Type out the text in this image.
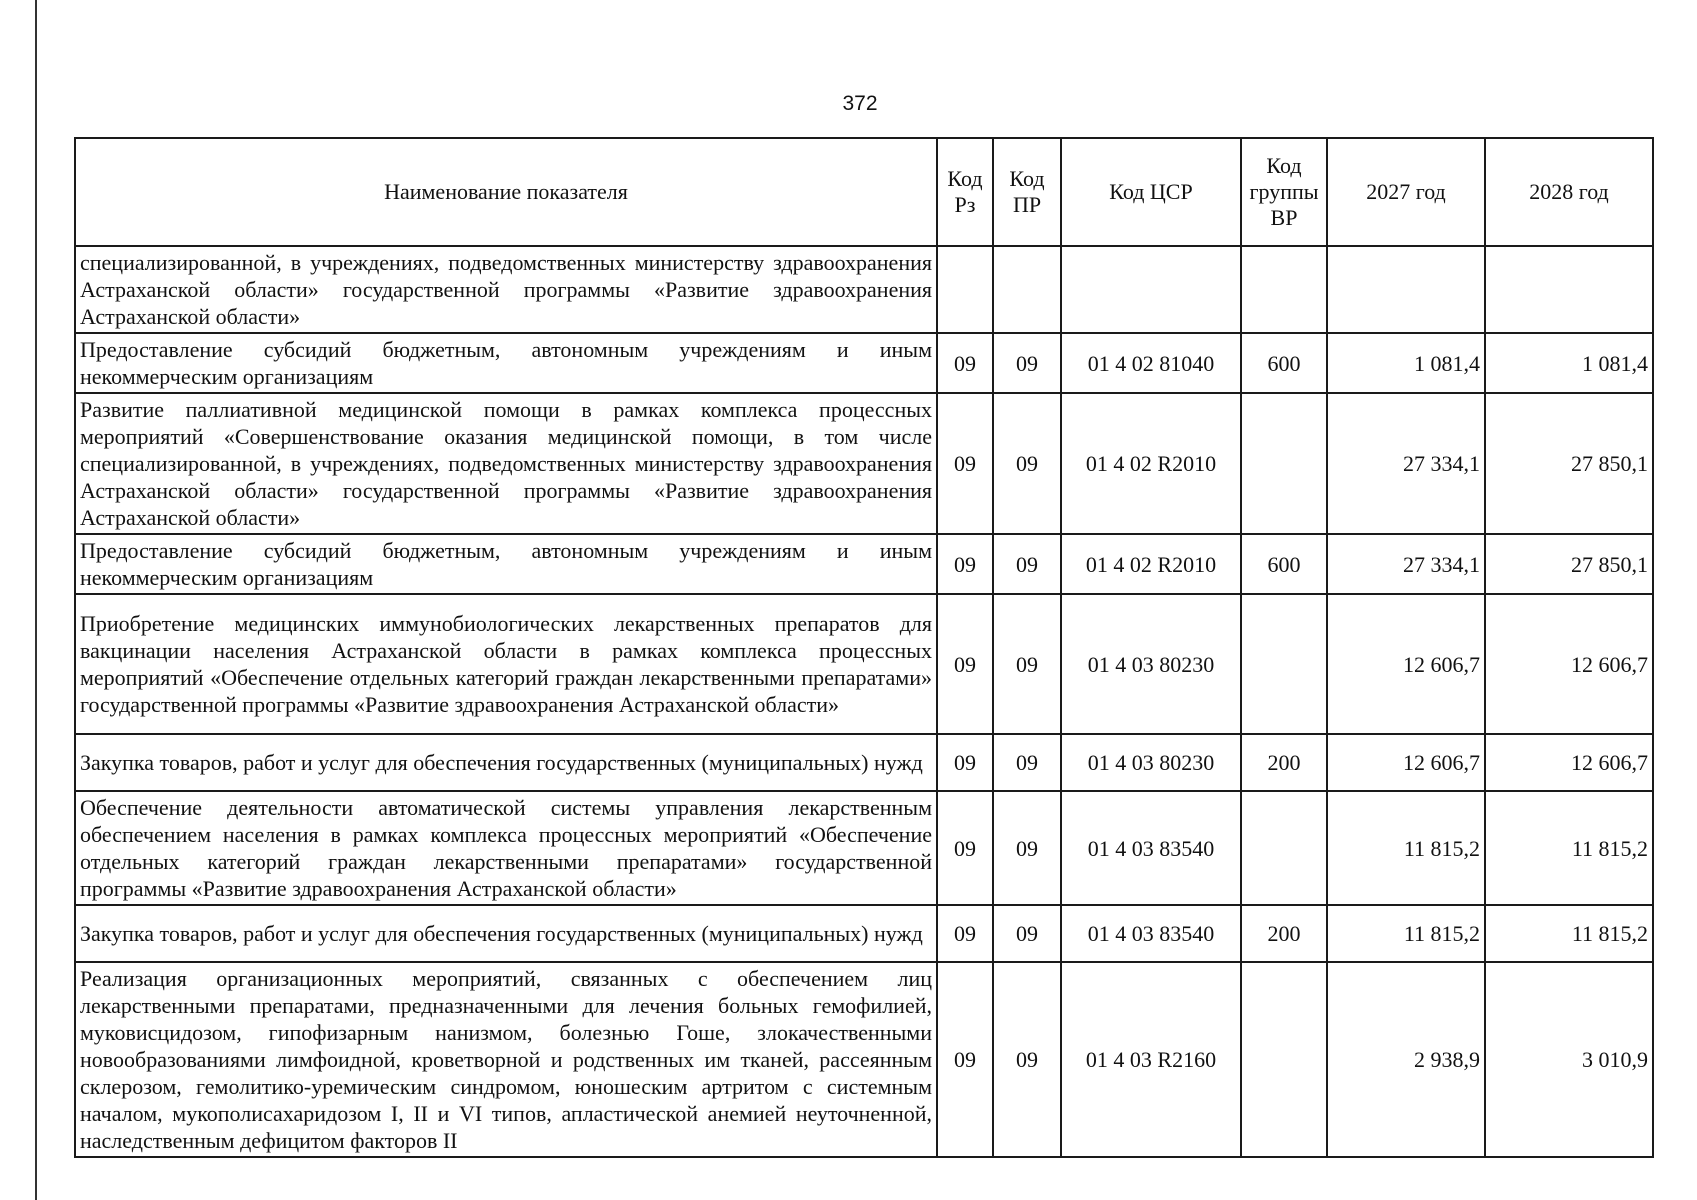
372
Наименование показателя	Код Рз	Код ПР	Код ЦСР	Код группы ВР	2027 год	2028 год
специализированной, в учреждениях, подведомственных министерству здравоохранения Астраханской области» государственной программы «Развитие здравоохранения Астраханской области»						
Предоставление субсидий бюджетным, автономным учреждениям и иным некоммерческим организациям	09	09	01 4 02 81040	600	1 081,4	1 081,4
Развитие паллиативной медицинской помощи в рамках комплекса процессных мероприятий «Совершенствование оказания медицинской помощи, в том числе специализированной, в учреждениях, подведомственных министерству здравоохранения Астраханской области» государственной программы «Развитие здравоохранения Астраханской области»	09	09	01 4 02 R2010		27 334,1	27 850,1
Предоставление субсидий бюджетным, автономным учреждениям и иным некоммерческим организациям	09	09	01 4 02 R2010	600	27 334,1	27 850,1
Приобретение медицинских иммунобиологических лекарственных препаратов для вакцинации населения Астраханской области в рамках комплекса процессных мероприятий «Обеспечение отдельных категорий граждан лекарственными препаратами» государственной программы «Развитие здравоохранения Астраханской области»	09	09	01 4 03 80230		12 606,7	12 606,7
Закупка товаров, работ и услуг для обеспечения государственных (муниципальных) нужд	09	09	01 4 03 80230	200	12 606,7	12 606,7
Обеспечение деятельности автоматической системы управления лекарственным обеспечением населения в рамках комплекса процессных мероприятий «Обеспечение отдельных категорий граждан лекарственными препаратами» государственной программы «Развитие здравоохранения Астраханской области»	09	09	01 4 03 83540		11 815,2	11 815,2
Закупка товаров, работ и услуг для обеспечения государственных (муниципальных) нужд	09	09	01 4 03 83540	200	11 815,2	11 815,2
Реализация организационных мероприятий, связанных с обеспечением лиц лекарственными препаратами, предназначенными для лечения больных гемофилией, муковисцидозом, гипофизарным нанизмом, болезнью Гоше, злокачественными новообразованиями лимфоидной, кроветворной и родственных им тканей, рассеянным склерозом, гемолитико-уремическим синдромом, юношеским артритом с системным началом, мукополисахаридозом I, II и VI типов, апластической анемией неуточненной, наследственным дефицитом факторов II	09	09	01 4 03 R2160		2 938,9	3 010,9
